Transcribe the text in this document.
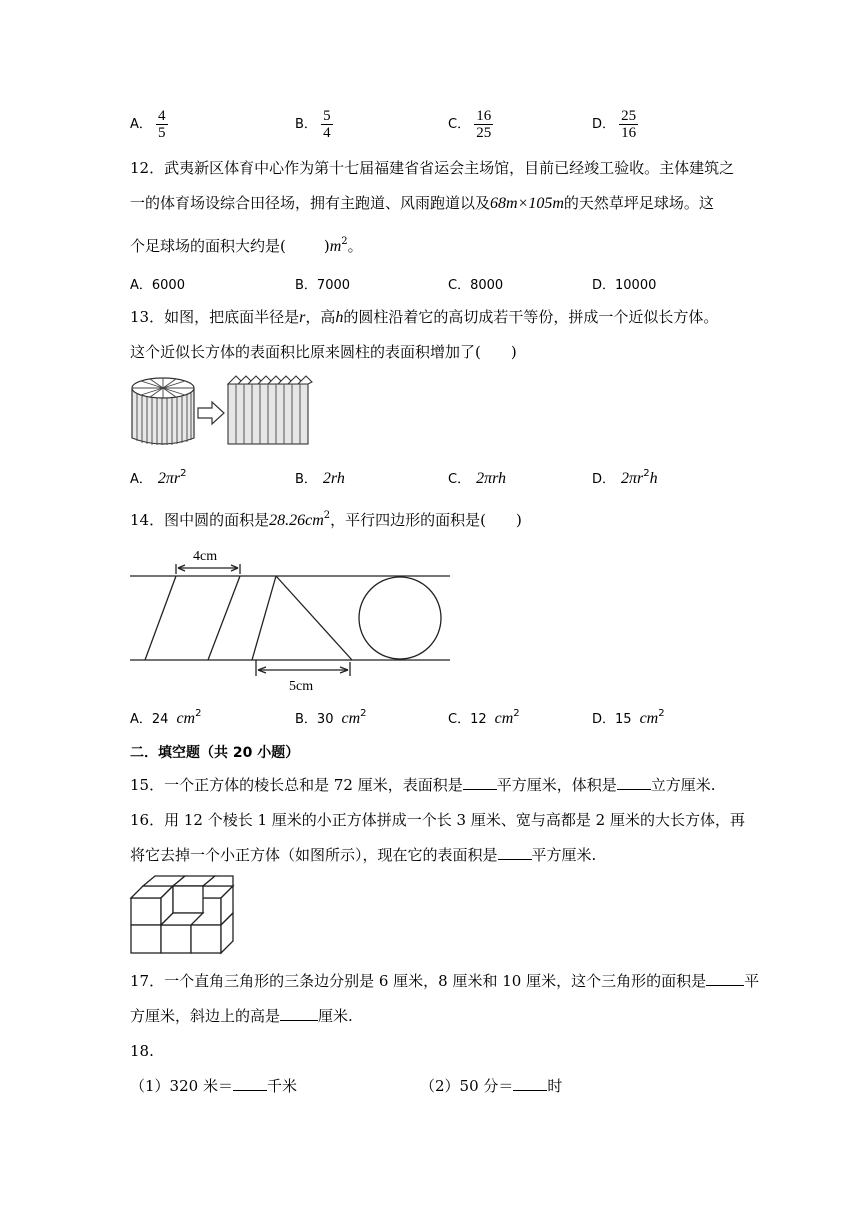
A． $\frac{4}{5}$	B． $\frac{5}{4}$	C． $\frac{16}{25}$	D． $\frac{25}{16}$
12．武夷新区体育中心作为第十七届福建省省运会主场馆，目前已经竣工验收。主体建筑之
一的体育场设综合田径场，拥有主跑道、风雨跑道以及68m×105m的天然草坪足球场。这
个足球场的面积大约是(	)$m^2$。
A．6000	B．7000	C．8000	D．10000
13．如图，把底面半径是r，高h的圆柱沿着它的高切成若干等份，拼成一个近似长方体。
这个近似长方体的表面积比原来圆柱的表面积增加了( )
A． $2\pi r^2$	B． 2rh	C． 2πrh	D． $2\pi r^2h$
14．图中圆的面积是$28.26cm^2$，平行四边形的面积是( )
4cm
5cm
A．24 $cm^2$	B．30 $cm^2$	C．12 $cm^2$	D．15 $cm^2$
二．填空题（共 20 小题）
15．一个正方体的棱长总和是 72 厘米，表面积是 平方厘米，体积是 立方厘米.
16．用 12 个棱长 1 厘米的小正方体拼成一个长 3 厘米、宽与高都是 2 厘米的大长方体，再
将它去掉一个小正方体（如图所示），现在它的表面积是 平方厘米.
17．一个直角三角形的三条边分别是 6 厘米，8 厘米和 10 厘米，这个三角形的面积是	平
方厘米，斜边上的高是	厘米.
18.
（1）320 米＝ 千米	（2）50 分＝ 时
